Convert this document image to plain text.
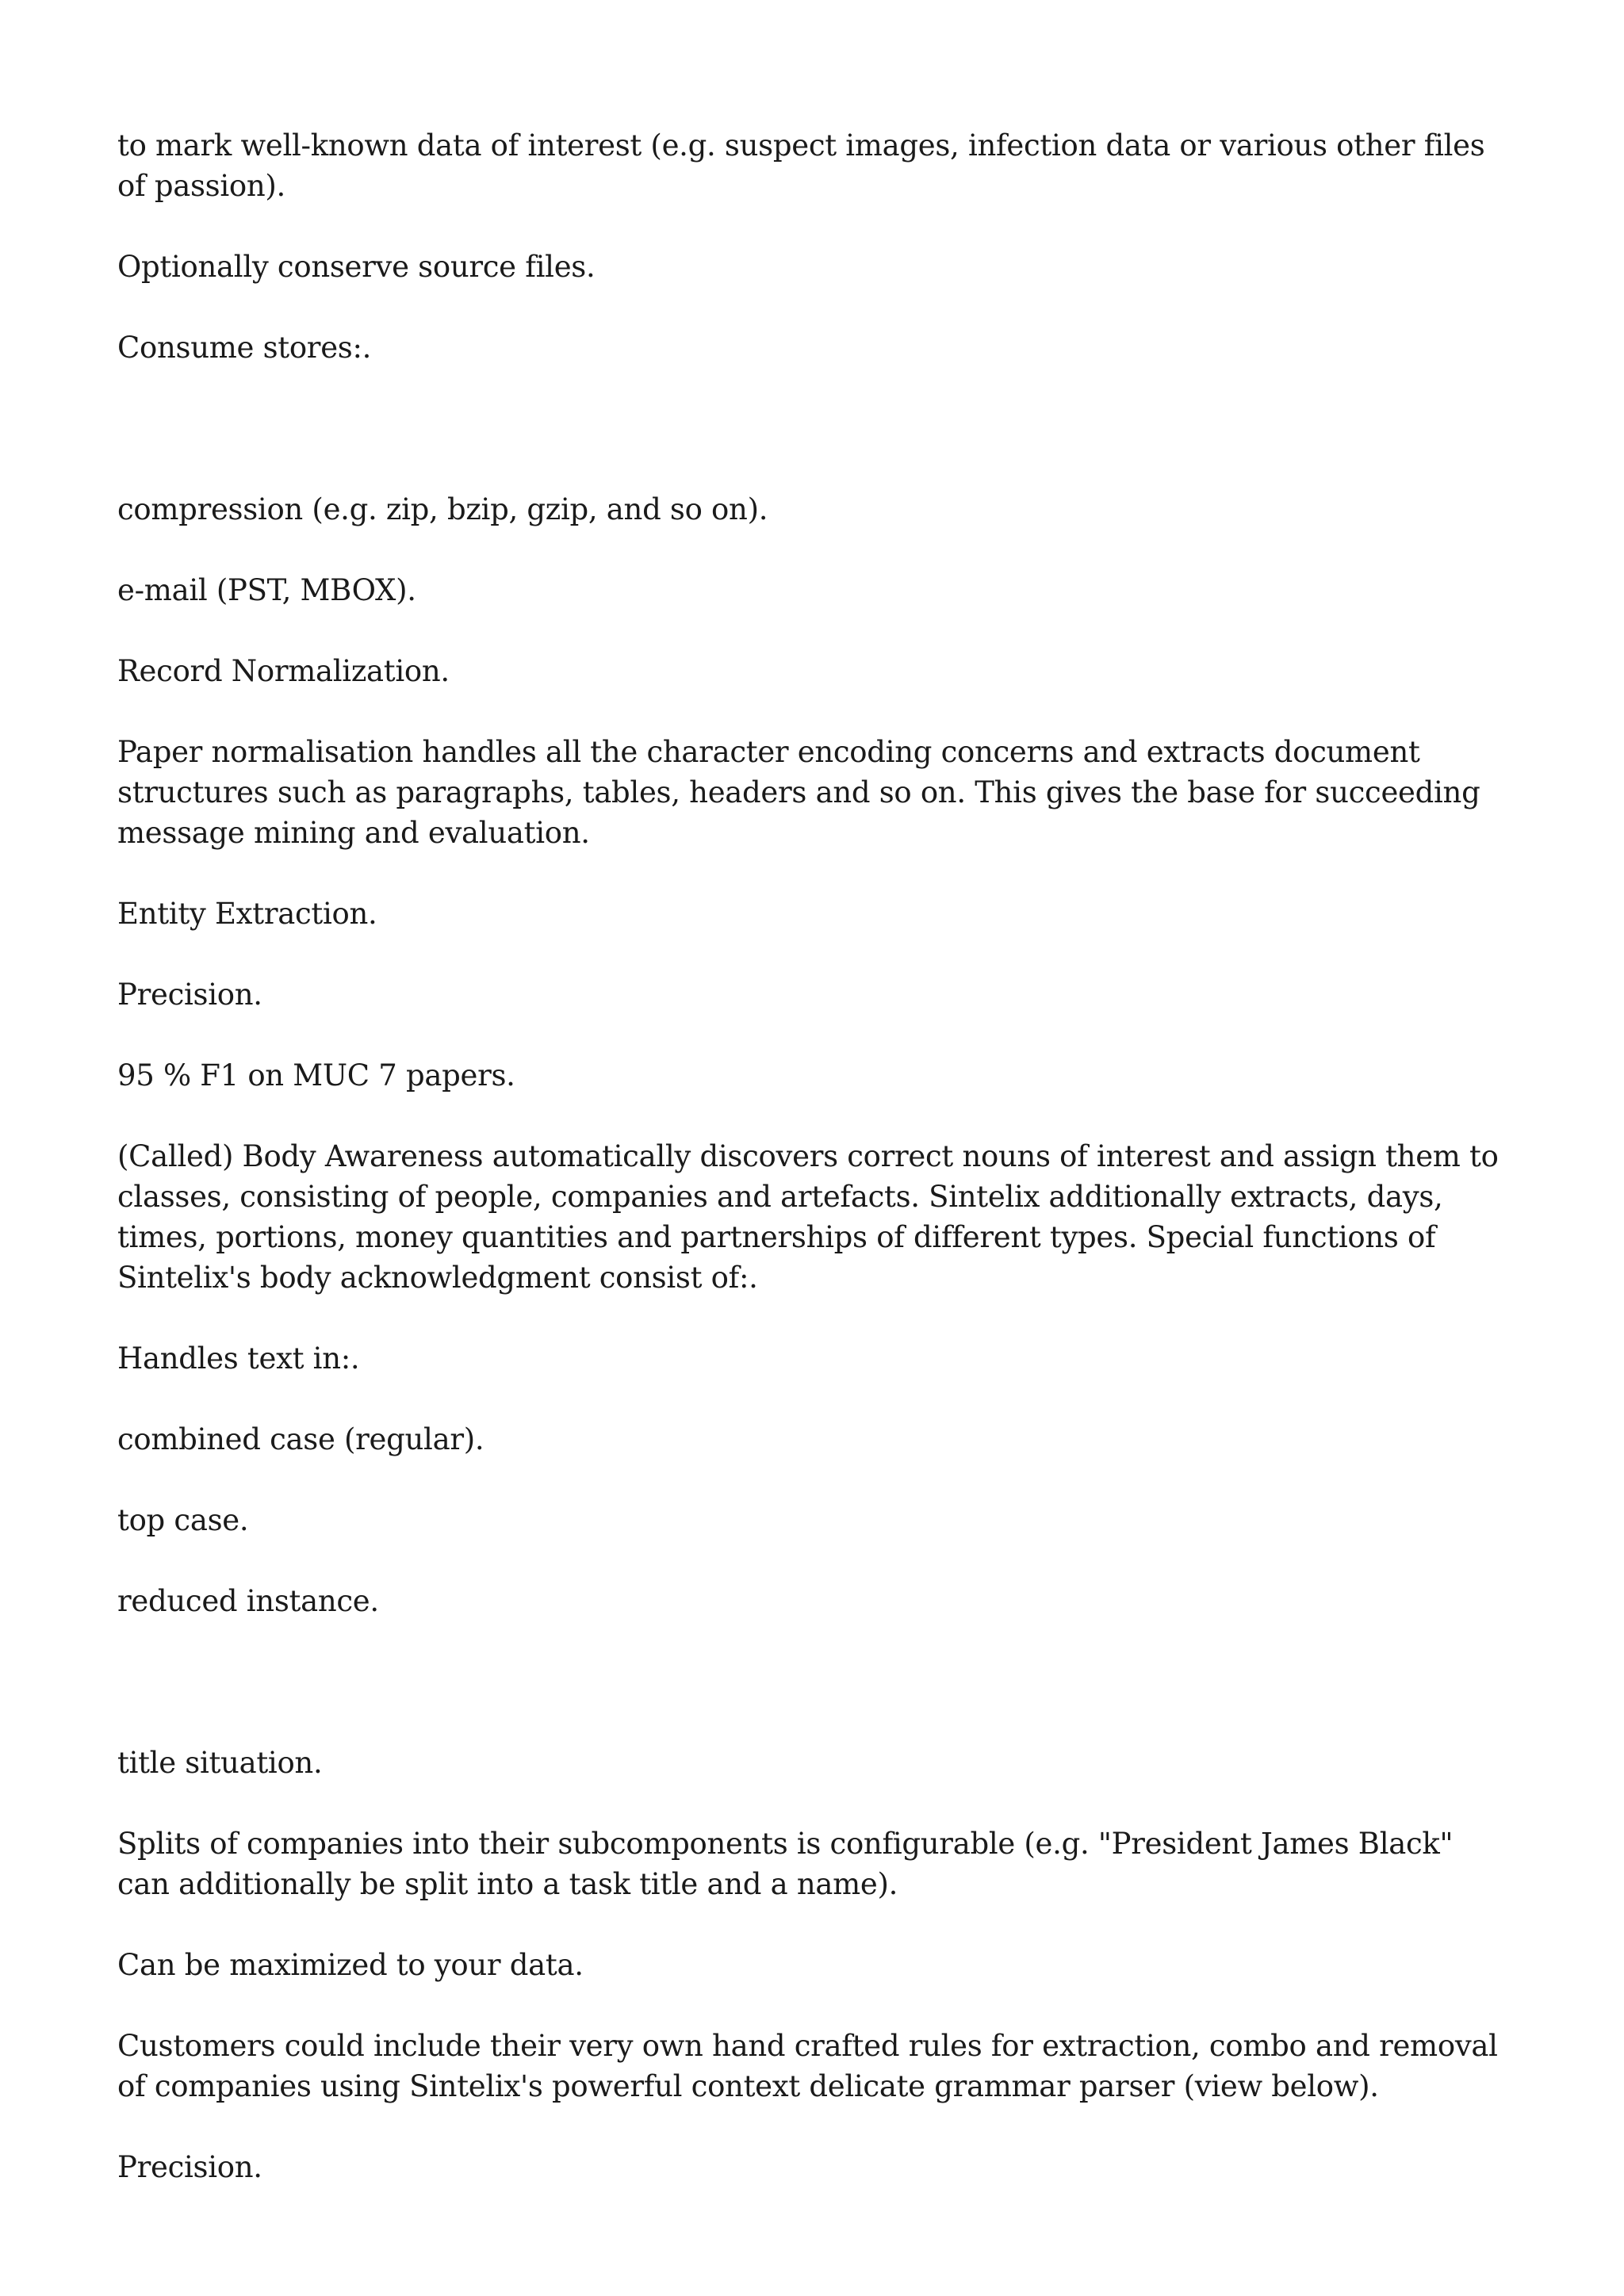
to mark well-known data of interest (e.g. suspect images, infection data or various other files of passion).

Optionally conserve source files.

Consume stores:.

compression (e.g. zip, bzip, gzip, and so on).

e-mail (PST, MBOX).

Record Normalization.

Paper normalisation handles all the character encoding concerns and extracts document structures such as paragraphs, tables, headers and so on. This gives the base for succeeding message mining and evaluation.

Entity Extraction.

Precision.

95 % F1 on MUC 7 papers.

(Called) Body Awareness automatically discovers correct nouns of interest and assign them to classes, consisting of people, companies and artefacts. Sintelix additionally extracts, days, times, portions, money quantities and partnerships of different types. Special functions of Sintelix's body acknowledgment consist of:.

Handles text in:.

combined case (regular).

top case.

reduced instance.

title situation.

Splits of companies into their subcomponents is configurable (e.g. "President James Black" can additionally be split into a task title and a name).

Can be maximized to your data.

Customers could include their very own hand crafted rules for extraction, combo and removal of companies using Sintelix's powerful context delicate grammar parser (view below).

Precision.
